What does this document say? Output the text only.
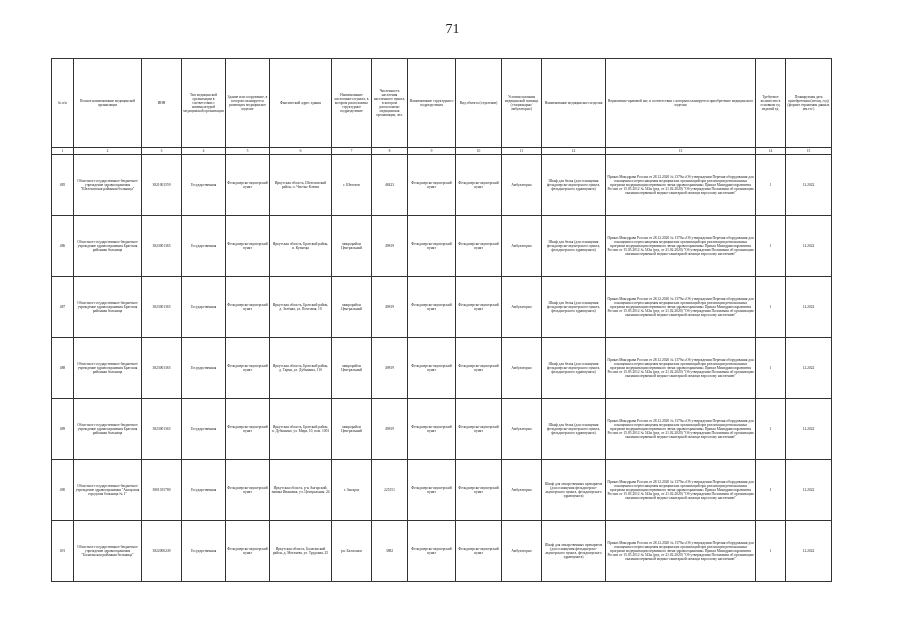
71
№ п/п	Полное наименование медицинской организации	ИНН	Тип медицинской организации в соответствии с номенклатурой медицинской организации	Здание или сооружение, в котором планируется размещать медицинское изделие	Фактический адрес здания	Наименование населенного пункта, в котором расположено структурное подразделение	Численность населения населенного пункта, в котором расположено медицинская организация, чел.	Наименование структурного подразделения	Вид объекта (отделение)	Условия оказания медицинской помощи (стационарно/амбулаторно)	Наименование медицинского изделия	Нормативно-правовой акт, в соответствии с которым планируется приобретение медицинского изделия	Требуемое количество в основном ед. изделий ед.	Планируемая дата приобретения (месяц, год) (формат отражения данных мм.ггг.)
1	2	3	4	5	6	7	8	9	10	11	12	13	14	15
485	Областное государственное бюджетное учреждение здравоохранения "Шелеховская районная больница"	3821001559	Государственная	Фельдшерско-акушерский пункт	Иркутская область, Шелеховский район, п. Чистые Ключи	г. Шелехов	48423	Фельдшерско-акушерский пункт	Фельдшерско-акушерский пункт	Амбулаторно	Шкаф для белья (для оснащения фельдшерско-акушерского пункта, фельдшерского здравпункта)	Приказ Минздрава России от 28.12.2020 № 1379н «Об утверждении Перечня оборудования для оснащения и переоснащения медицинских организаций при реализации региональных программ модернизации первичного звена здравоохранения» Приказ Минздравсоцразвития России от 15.05.2012 № 543н (ред. от 21.02.2020) "Об утверждении Положения об организации оказания первичной медико-санитарной помощи взрослому населению"	1	12.2022
486	Областное государственное бюджетное учреждение здравоохранения Братская районная больница	3823001365	Государственная	Фельдшерско-акушерский пункт	Иркутская область, Братский район, п. Кузнецы	микрорайон Центральный	49819	Фельдшерско-акушерский пункт	Фельдшерско-акушерский пункт	Амбулаторно	Шкаф для белья (для оснащения фельдшерско-акушерского пункта, фельдшерского здравпункта)	Приказ Минздрава России от 28.12.2020 № 1379н «Об утверждении Перечня оборудования для оснащения и переоснащения медицинских организаций при реализации региональных программ модернизации первичного звена здравоохранения» Приказ Минздравсоцразвития России от 15.05.2012 № 543н (ред. от 21.02.2020) "Об утверждении Положения об организации оказания первичной медико-санитарной помощи взрослому населению"	1	12.2022
487	Областное государственное бюджетное учреждение здравоохранения Братская районная больница	3823001365	Государственная	Фельдшерско-акушерский пункт	Иркутская область, Братский район, д. Зелёная, ул. Почтовая, 10	микрорайон Центральный	49819	Фельдшерско-акушерский пункт	Фельдшерско-акушерский пункт	Амбулаторно	Шкаф для белья (для оснащения фельдшерско-акушерского пункта, фельдшерского здравпункта)	Приказ Минздрава России от 28.12.2020 № 1379н «Об утверждении Перечня оборудования для оснащения и переоснащения медицинских организаций при реализации региональных программ модернизации первичного звена здравоохранения» Приказ Минздравсоцразвития России от 15.05.2012 № 543н (ред. от 21.02.2020) "Об утверждении Положения об организации оказания первичной медико-санитарной помощи взрослому населению"	1	12.2022
488	Областное государственное бюджетное учреждение здравоохранения Братская районная больница	3823001365	Государственная	Фельдшерско-акушерский пункт	Иркутская область, Братский район, д. Тарма, ул. Дубынина, 11б	микрорайон Центральный	49819	Фельдшерско-акушерский пункт	Фельдшерско-акушерский пункт	Амбулаторно	Шкаф для белья (для оснащения фельдшерско-акушерского пункта, фельдшерского здравпункта)	Приказ Минздрава России от 28.12.2020 № 1379н «Об утверждении Перечня оборудования для оснащения и переоснащения медицинских организаций при реализации региональных программ модернизации первичного звена здравоохранения» Приказ Минздравсоцразвития России от 15.05.2012 № 543н (ред. от 21.02.2020) "Об утверждении Положения об организации оказания первичной медико-санитарной помощи взрослому населению"	1	12.2022
489	Областное государственное бюджетное учреждение здравоохранения Братская районная больница	3823001365	Государственная	Фельдшерско-акушерский пункт	Иркутская область, Братский район, п. Дубынино, ул. Мира, 10, пом. 1001	микрорайон Центральный	49819	Фельдшерско-акушерский пункт	Фельдшерско-акушерский пункт	Амбулаторно	Шкаф для белья (для оснащения фельдшерско-акушерского пункта, фельдшерского здравпункта)	Приказ Минздрава России от 28.12.2020 № 1379н «Об утверждении Перечня оборудования для оснащения и переоснащения медицинских организаций при реализации региональных программ модернизации первичного звена здравоохранения» Приказ Минздравсоцразвития России от 15.05.2012 № 543н (ред. от 21.02.2020) "Об утверждении Положения об организации оказания первичной медико-санитарной помощи взрослому населению"	1	12.2022
490	Областное государственное бюджетное учреждение здравоохранения "Ангарская городская больница № 1"	3801015780	Государственная	Фельдшерско-акушерский пункт	Иркутская область, р-н Ангарский, заимка Ивановка, ул. Центральная, 24	г. Ангарск	225151	Фельдшерско-акушерский пункт	Фельдшерско-акушерский пункт	Амбулаторно	Шкаф для лекарственных препаратов (для оснащения фельдшерско-акушерского пункта, фельдшерского здравпункта)	Приказ Минздрава России от 28.12.2020 № 1379н «Об утверждении Перечня оборудования для оснащения и переоснащения медицинских организаций при реализации региональных программ модернизации первичного звена здравоохранения» Приказ Минздравсоцразвития России от 15.05.2012 № 543н (ред. от 21.02.2020) "Об утверждении Положения об организации оказания первичной медико-санитарной помощи взрослому населению"	1	12.2022
491	Областное государственное бюджетное учреждение здравоохранения "Балаганская районная больница"	3822000249	Государственная	Фельдшерско-акушерский пункт	Иркутская область, Балаганский район, д. Метляева, ул. Трудовая, 25	рп. Балаганск	3882	Фельдшерско-акушерский пункт	Фельдшерско-акушерский пункт	Амбулаторно	Шкаф для лекарственных препаратов (для оснащения фельдшерско-акушерского пункта, фельдшерского здравпункта)	Приказ Минздрава России от 28.12.2020 № 1379н «Об утверждении Перечня оборудования для оснащения и переоснащения медицинских организаций при реализации региональных программ модернизации первичного звена здравоохранения» Приказ Минздравсоцразвития России от 15.05.2012 № 543н (ред. от 21.02.2020) "Об утверждении Положения об организации оказания первичной медико-санитарной помощи взрослому населению"	1	12.2022
